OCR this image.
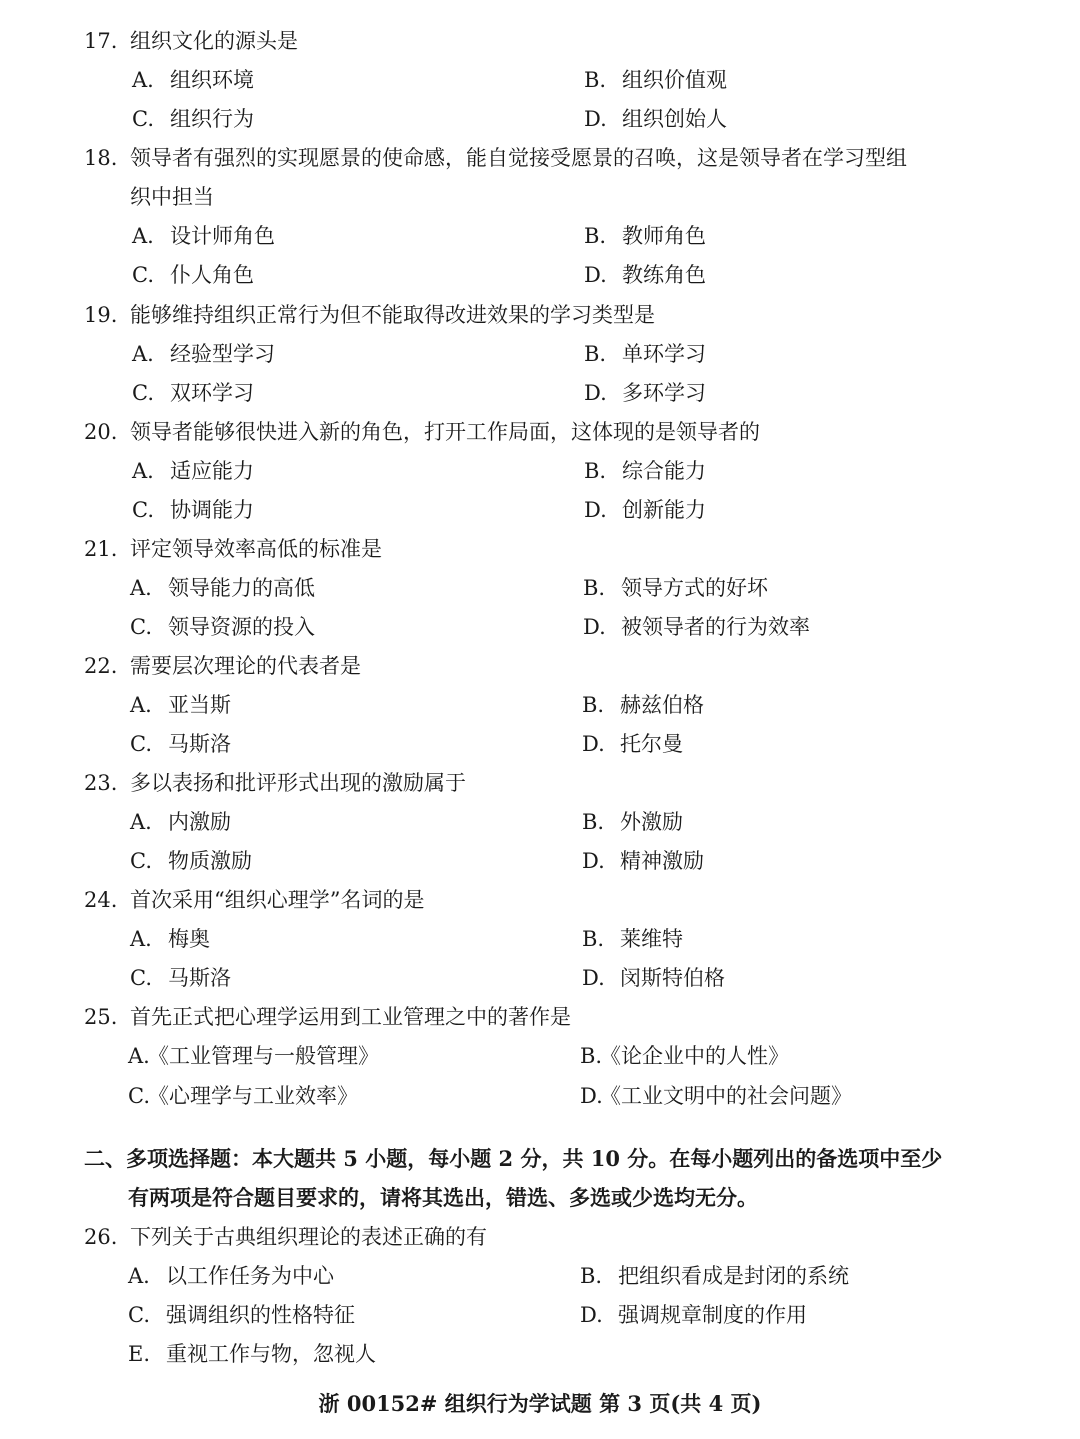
17. 组织文化的源头是
A. 组织环境	B. 组织价值观
C. 组织行为	D. 组织创始人
18. 领导者有强烈的实现愿景的使命感，能自觉接受愿景的召唤，这是领导者在学习型组
织中担当
A. 设计师角色	B. 教师角色
C. 仆人角色	D. 教练角色
19. 能够维持组织正常行为但不能取得改进效果的学习类型是
A. 经验型学习	B. 单环学习
C. 双环学习	D. 多环学习
20. 领导者能够很快进入新的角色，打开工作局面，这体现的是领导者的
A. 适应能力	B. 综合能力
C. 协调能力	D. 创新能力
21. 评定领导效率高低的标准是
A. 领导能力的高低	B. 领导方式的好坏
C. 领导资源的投入	D. 被领导者的行为效率
22. 需要层次理论的代表者是
A. 亚当斯	B. 赫兹伯格
C. 马斯洛	D. 托尔曼
23. 多以表扬和批评形式出现的激励属于
A. 内激励	B. 外激励
C. 物质激励	D. 精神激励
24. 首次采用“组织心理学”名词的是
A. 梅奥	B. 莱维特
C. 马斯洛	D. 闵斯特伯格
25. 首先正式把心理学运用到工业管理之中的著作是
A.《工业管理与一般管理》	B.《论企业中的人性》
C.《心理学与工业效率》	D.《工业文明中的社会问题》
二、多项选择题：本大题共 5 小题，每小题 2 分，共 10 分。在每小题列出的备选项中至少
有两项是符合题目要求的，请将其选出，错选、多选或少选均无分。
26. 下列关于古典组织理论的表述正确的有
A. 以工作任务为中心	B. 把组织看成是封闭的系统
C. 强调组织的性格特征	D. 强调规章制度的作用
E. 重视工作与物，忽视人
浙 00152# 组织行为学试题 第 3 页(共 4 页)
